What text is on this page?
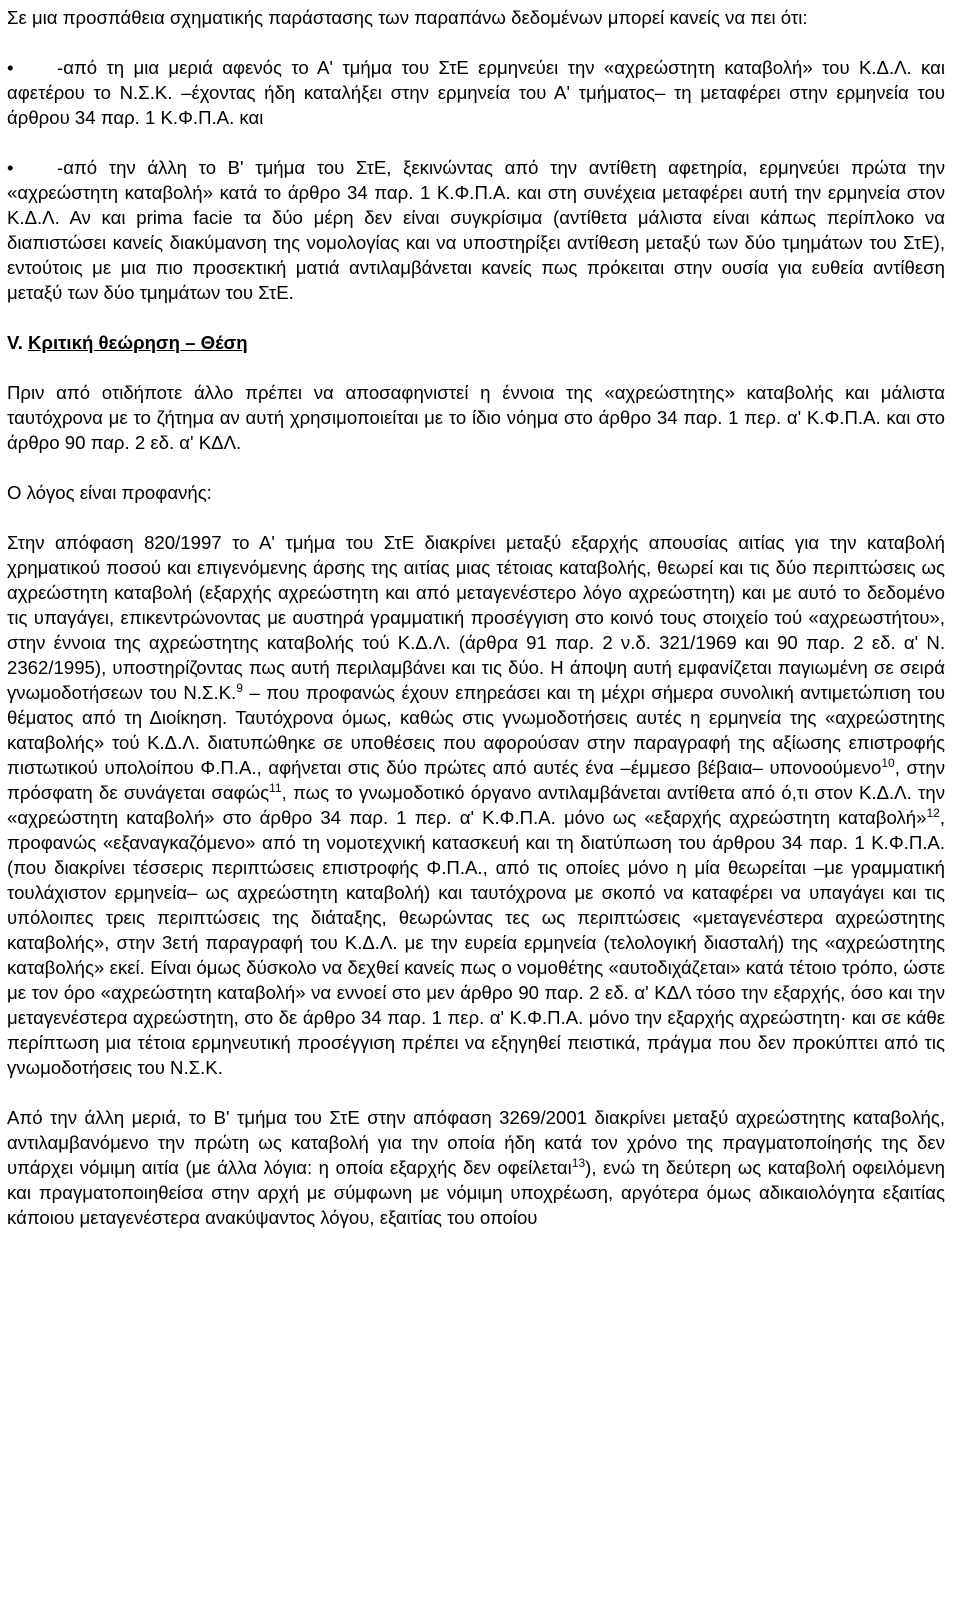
Σε μια προσπάθεια σχηματικής παράστασης των παραπάνω δεδομένων μπορεί κανείς να πει ότι:

• -από τη μια μεριά αφενός το Α' τμήμα του ΣτΕ ερμηνεύει την «αχρεώστητη καταβολή» του Κ.Δ.Λ. και αφετέρου το Ν.Σ.Κ. –έχοντας ήδη καταλήξει στην ερμηνεία του Α' τμήματος– τη μεταφέρει στην ερμηνεία του άρθρου 34 παρ. 1 Κ.Φ.Π.Α. και

• -από την άλλη το Β' τμήμα του ΣτΕ, ξεκινώντας από την αντίθετη αφετηρία, ερμηνεύει πρώτα την «αχρεώστητη καταβολή» κατά το άρθρο 34 παρ. 1 Κ.Φ.Π.Α. και στη συνέχεια μεταφέρει αυτή την ερμηνεία στον Κ.Δ.Λ. Αν και prima facie τα δύο μέρη δεν είναι συγκρίσιμα (αντίθετα μάλιστα είναι κάπως περίπλοκο να διαπιστώσει κανείς διακύμανση της νομολογίας και να υποστηρίξει αντίθεση μεταξύ των δύο τμημάτων του ΣτΕ), εντούτοις με μια πιο προσεκτική ματιά αντιλαμβάνεται κανείς πως πρόκειται στην ουσία για ευθεία αντίθεση μεταξύ των δύο τμημάτων του ΣτΕ.

V. Κριτική θεώρηση – Θέση

Πριν από οτιδήποτε άλλο πρέπει να αποσαφηνιστεί η έννοια της «αχρεώστητης» καταβολής και μάλιστα ταυτόχρονα με το ζήτημα αν αυτή χρησιμοποιείται με το ίδιο νόημα στο άρθρο 34 παρ. 1 περ. α' Κ.Φ.Π.Α. και στο άρθρο 90 παρ. 2 εδ. α' ΚΔΛ.

Ο λόγος είναι προφανής:

Στην απόφαση 820/1997 το Α' τμήμα του ΣτΕ διακρίνει μεταξύ εξαρχής απουσίας αιτίας για την καταβολή χρηματικού ποσού και επιγενόμενης άρσης της αιτίας μιας τέτοιας καταβολής, θεωρεί και τις δύο περιπτώσεις ως αχρεώστητη καταβολή (εξαρχής αχρεώστητη και από μεταγενέστερο λόγο αχρεώστητη) και με αυτό το δεδομένο τις υπαγάγει, επικεντρώνοντας με αυστηρά γραμματική προσέγγιση στο κοινό τους στοιχείο τού «αχρεωστήτου», στην έννοια της αχρεώστητης καταβολής τού Κ.Δ.Λ. (άρθρα 91 παρ. 2 ν.δ. 321/1969 και 90 παρ. 2 εδ. α' Ν. 2362/1995), υποστηρίζοντας πως αυτή περιλαμβάνει και τις δύο. Η άποψη αυτή εμφανίζεται παγιωμένη σε σειρά γνωμοδοτήσεων του Ν.Σ.Κ.$^9$ – που προφανώς έχουν επηρεάσει και τη μέχρι σήμερα συνολική αντιμετώπιση του θέματος από τη Διοίκηση. Ταυτόχρονα όμως, καθώς στις γνωμοδοτήσεις αυτές η ερμηνεία της «αχρεώστητης καταβολής» τού Κ.Δ.Λ. διατυπώθηκε σε υποθέσεις που αφορούσαν στην παραγραφή της αξίωσης επιστροφής πιστωτικού υπολοίπου Φ.Π.Α., αφήνεται στις δύο πρώτες από αυτές ένα –έμμεσο βέβαια– υπονοούμενο$^{10}$, στην πρόσφατη δε συνάγεται σαφώς$^{11}$, πως το γνωμοδοτικό όργανο αντιλαμβάνεται αντίθετα από ό,τι στον Κ.Δ.Λ. την «αχρεώστητη καταβολή» στο άρθρο 34 παρ. 1 περ. α' Κ.Φ.Π.Α. μόνο ως «εξαρχής αχρεώστητη καταβολή»$^{12}$, προφανώς «εξαναγκαζόμενο» από τη νομοτεχνική κατασκευή και τη διατύπωση του άρθρου 34 παρ. 1 Κ.Φ.Π.Α. (που διακρίνει τέσσερις περιπτώσεις επιστροφής Φ.Π.Α., από τις οποίες μόνο η μία θεωρείται –με γραμματική τουλάχιστον ερμηνεία– ως αχρεώστητη καταβολή) και ταυτόχρονα με σκοπό να καταφέρει να υπαγάγει και τις υπόλοιπες τρεις περιπτώσεις της διάταξης, θεωρώντας τες ως περιπτώσεις «μεταγενέστερα αχρεώστητης καταβολής», στην 3ετή παραγραφή του Κ.Δ.Λ. με την ευρεία ερμηνεία (τελολογική διασταλή) της «αχρεώστητης καταβολής» εκεί. Είναι όμως δύσκολο να δεχθεί κανείς πως ο νομοθέτης «αυτοδιχάζεται» κατά τέτοιο τρόπο, ώστε με τον όρο «αχρεώστητη καταβολή» να εννοεί στο μεν άρθρο 90 παρ. 2 εδ. α' ΚΔΛ τόσο την εξαρχής, όσο και την μεταγενέστερα αχρεώστητη, στο δε άρθρο 34 παρ. 1 περ. α' Κ.Φ.Π.Α. μόνο την εξαρχής αχρεώστητη· και σε κάθε περίπτωση μια τέτοια ερμηνευτική προσέγγιση πρέπει να εξηγηθεί πειστικά, πράγμα που δεν προκύπτει από τις γνωμοδοτήσεις του Ν.Σ.Κ.

Από την άλλη μεριά, το Β' τμήμα του ΣτΕ στην απόφαση 3269/2001 διακρίνει μεταξύ αχρεώστητης καταβολής, αντιλαμβανόμενο την πρώτη ως καταβολή για την οποία ήδη κατά τον χρόνο της πραγματοποίησής της δεν υπάρχει νόμιμη αιτία (με άλλα λόγια: η οποία εξαρχής δεν οφείλεται$^{13}$), ενώ τη δεύτερη ως καταβολή οφειλόμενη και πραγματοποιηθείσα στην αρχή με σύμφωνη με νόμιμη υποχρέωση, αργότερα όμως αδικαιολόγητα εξαιτίας κάποιου μεταγενέστερα ανακύψαντος λόγου, εξαιτίας του οποίου
